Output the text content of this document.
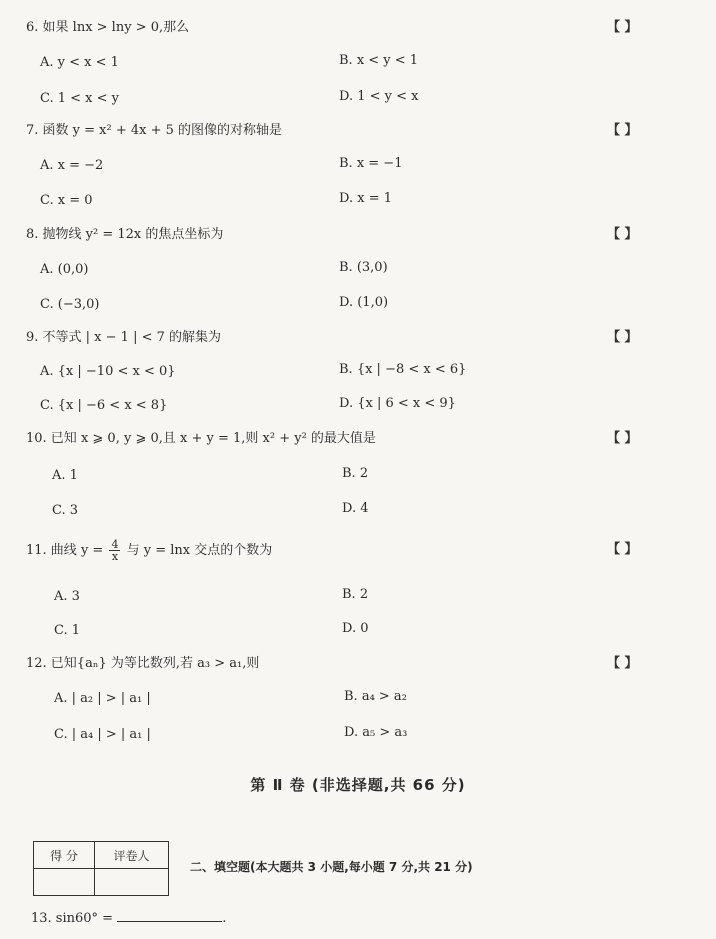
6. 如果 lnx > lny > 0,那么	【 】
A. y < x < 1	B. x < y < 1
C. 1 < x < y	D. 1 < y < x
7. 函数 y = x² + 4x + 5 的图像的对称轴是	【 】
A. x = −2	B. x = −1
C. x = 0	D. x = 1
8. 抛物线 y² = 12x 的焦点坐标为	【 】
A. (0,0)	B. (3,0)
C. (−3,0)	D. (1,0)
9. 不等式 | x − 1 | < 7 的解集为	【 】
A. {x | −10 < x < 0}	B. {x | −8 < x < 6}
C. {x | −6 < x < 8}	D. {x | 6 < x < 9}
10. 已知 x ⩾ 0, y ⩾ 0,且 x + y = 1,则 x² + y² 的最大值是	【 】
A. 1	B. 2
C. 3	D. 4
11. 曲线 $y = \frac{4}{x}$ 与 y = lnx 交点的个数为	【 】
A. 3	B. 2
C. 1	D. 0
12. 已知{aₙ} 为等比数列,若 a₃ > a₁,则	【 】
A. | a₂ | > | a₁ |	B. a₄ > a₂
C. | a₄ | > | a₁ |	D. a₅ > a₃
第 Ⅱ 卷 (非选择题,共 66 分)
得 分	评卷人

二、填空题(本大题共 3 小题,每小题 7 分,共 21 分)
13. sin60° =	.
